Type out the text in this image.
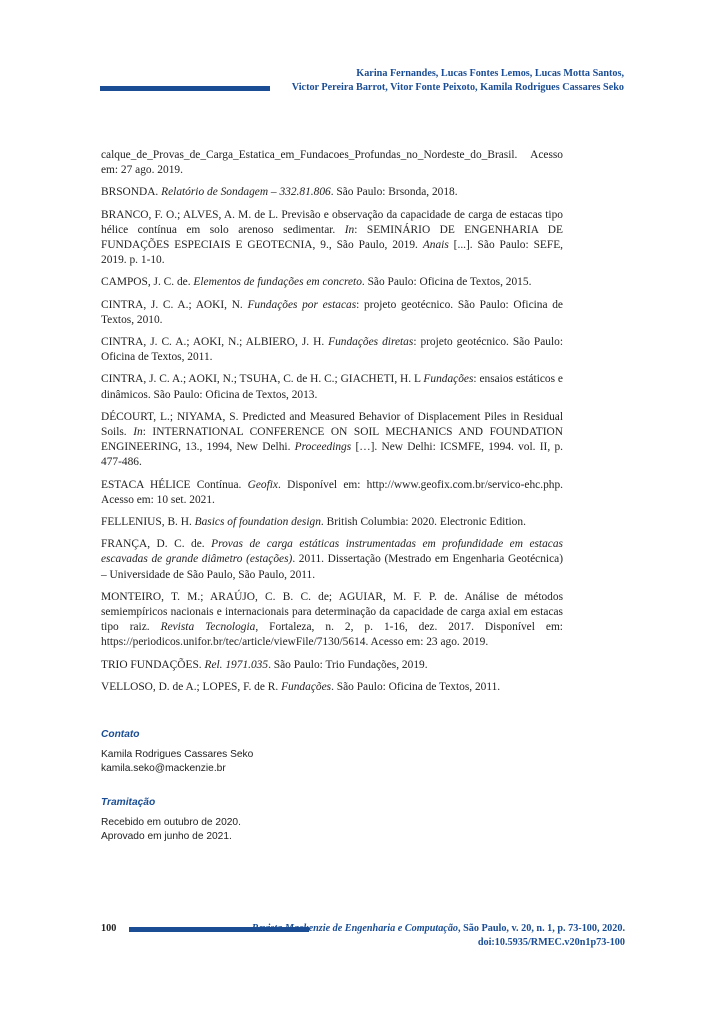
Karina Fernandes, Lucas Fontes Lemos, Lucas Motta Santos,
Victor Pereira Barrot, Vitor Fonte Peixoto, Kamila Rodrigues Cassares Seko

calque_de_Provas_de_Carga_Estatica_em_Fundacoes_Profundas_no_Nordeste_do_Brasil. Acesso em: 27 ago. 2019.

BRSONDA. Relatório de Sondagem – 332.81.806. São Paulo: Brsonda, 2018.

BRANCO, F. O.; ALVES, A. M. de L. Previsão e observação da capacidade de carga de estacas tipo hélice contínua em solo arenoso sedimentar. In: SEMINÁRIO DE ENGENHARIA DE FUNDAÇÕES ESPECIAIS E GEOTECNIA, 9., São Paulo, 2019. Anais [...]. São Paulo: SEFE, 2019. p. 1-10.

CAMPOS, J. C. de. Elementos de fundações em concreto. São Paulo: Oficina de Textos, 2015.

CINTRA, J. C. A.; AOKI, N. Fundações por estacas: projeto geotécnico. São Paulo: Oficina de Textos, 2010.

CINTRA, J. C. A.; AOKI, N.; ALBIERO, J. H. Fundações diretas: projeto geotécnico. São Paulo: Oficina de Textos, 2011.

CINTRA, J. C. A.; AOKI, N.; TSUHA, C. de H. C.; GIACHETI, H. L Fundações: ensaios estáticos e dinâmicos. São Paulo: Oficina de Textos, 2013.

DÉCOURT, L.; NIYAMA, S. Predicted and Measured Behavior of Displacement Piles in Residual Soils. In: INTERNATIONAL CONFERENCE ON SOIL MECHANICS AND FOUNDATION ENGINEERING, 13., 1994, New Delhi. Proceedings […]. New Delhi: ICSMFE, 1994. vol. II, p. 477-486.

ESTACA HÉLICE Contínua. Geofix. Disponível em: http://www.geofix.com.br/servico-ehc.php. Acesso em: 10 set. 2021.

FELLENIUS, B. H. Basics of foundation design. British Columbia: 2020. Electronic Edition.

FRANÇA, D. C. de. Provas de carga estáticas instrumentadas em profundidade em estacas escavadas de grande diâmetro (estações). 2011. Dissertação (Mestrado em Engenharia Geotécnica) – Universidade de São Paulo, São Paulo, 2011.

MONTEIRO, T. M.; ARAÚJO, C. B. C. de; AGUIAR, M. F. P. de. Análise de métodos semiempíricos nacionais e internacionais para determinação da capacidade de carga axial em estacas tipo raiz. Revista Tecnologia, Fortaleza, n. 2, p. 1-16, dez. 2017. Disponível em: https://periodicos.unifor.br/tec/article/viewFile/7130/5614. Acesso em: 23 ago. 2019.

TRIO FUNDAÇÕES. Rel. 1971.035. São Paulo: Trio Fundações, 2019.

VELLOSO, D. de A.; LOPES, F. de R. Fundações. São Paulo: Oficina de Textos, 2011.

Contato
Kamila Rodrigues Cassares Seko
kamila.seko@mackenzie.br
Tramitação
Recebido em outubro de 2020.
Aprovado em junho de 2021.
100	Revista Mackenzie de Engenharia e Computação, São Paulo, v. 20, n. 1, p. 73-100, 2020.
doi:10.5935/RMEC.v20n1p73-100
